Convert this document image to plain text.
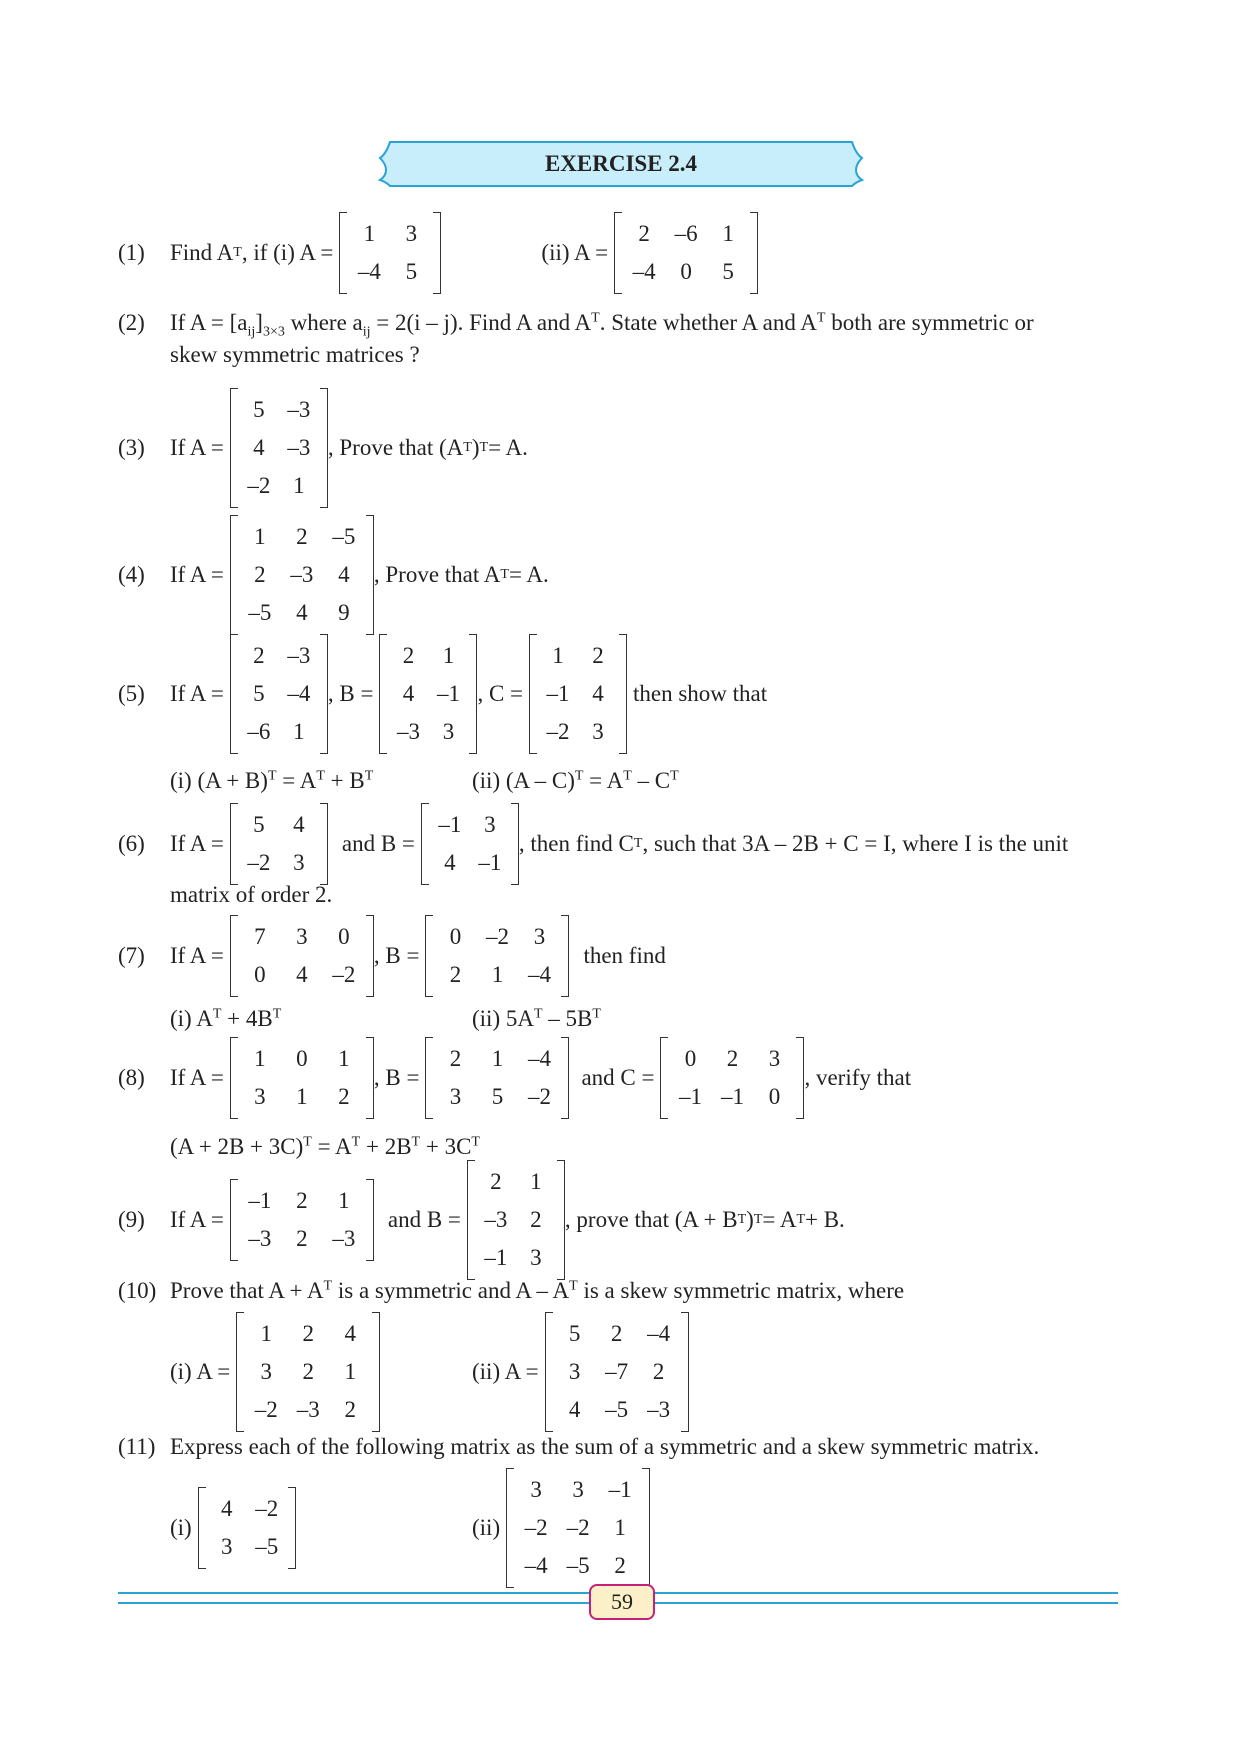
EXERCISE 2.4
(1)	Find A T , if (i) A =
1	3
–4	5
(ii) A =
2	–6	1
–4	0	5
(2) If $A = [a_{ij}]_{3\times 3}$ where $a_{ij} = 2(i - j)$. Find A and $A^T$. State whether A and $A^T$ both are symmetric or
skew symmetric matrices ?
(3)	If A =
5 –3
4 –3
–2 1
, Prove that (A T ) T = A.
(4)	If A =
1	2	–5
2	–3	4
–5	4	9
, Prove that A T = A.
(5)	If A =
2 –3
5 –4
–6 1
, B =
2	1
4 –1
–3 3
, C =
1	2
–1 4
–2 3
then show that
(i) $(A + B)^T = A^T + B^T$	(ii) $(A - C)^T = A^T - C^T$
(6)	If A =
5	4
–2 3
and B =
–1 3
4 –1
, then find C T , such that 3A – 2B + C = I, where I is the unit
matrix of order 2.
(7)	If A =
7	3	0
0	4	–2
, B =
0	–2	3
2	1	–4
then find
(i) $A^T + 4B^T$	(ii) $5A^T - 5B^T$
(8)	If A =
1	0	1
3	1	2
, B =
2	1	–4
3	5	–2
and C =
0	2	3
–1 –1	0
, verify that
$(A + 2B + 3C)^T = A^T + 2B^T + 3C^T$
(9)	If A =
–1	2	1
–3	2	–3
and B =
2	1
–3 2
–1 3
, prove that (A + B T ) T = A T + B.
(10) Prove that $A + A^T$ is a symmetric and A – $A^T$ is a skew symmetric matrix, where
(i) A =
1	2	4
3	2	1
–2 –3	2
(ii) A =
5	2	–4
3	–7	2
4	–5 –3
(11) Express each of the following matrix as the sum of a symmetric and a skew symmetric matrix.
(i)
4 –2
3 –5
(ii)
3	3	–1
–2 –2	1
–4 –5	2
59
